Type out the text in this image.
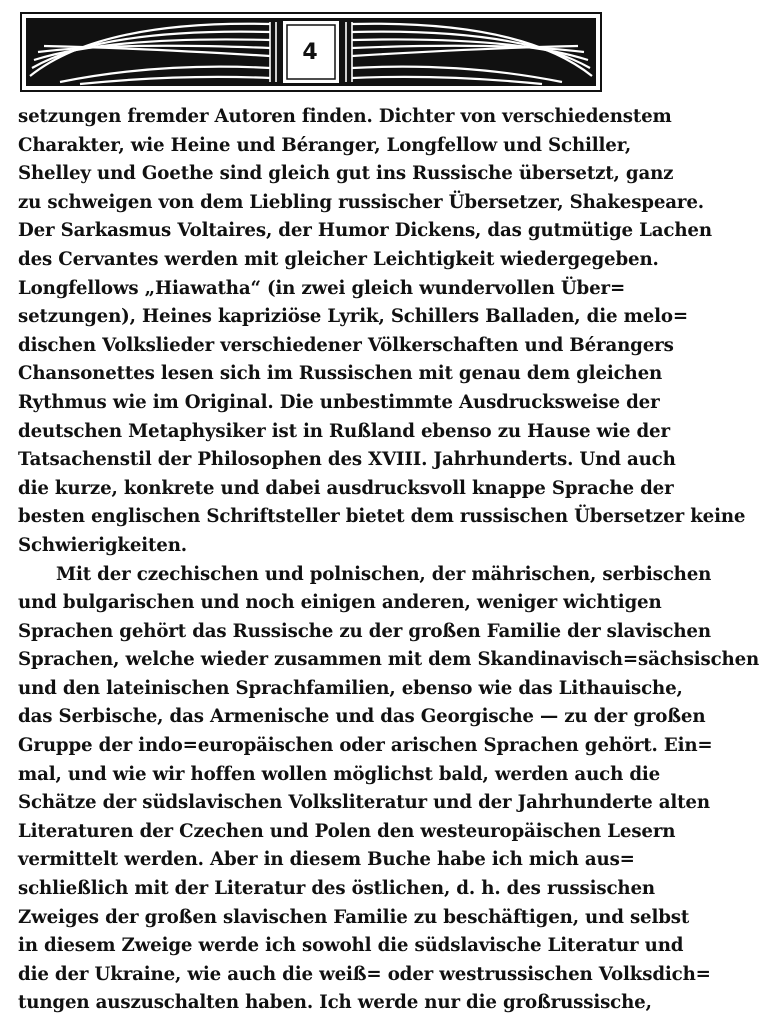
4
setzungen fremder Autoren finden. Dichter von verschiedenstem
Charakter, wie Heine und Béranger, Longfellow und Schiller,
Shelley und Goethe sind gleich gut ins Russische übersetzt, ganz
zu schweigen von dem Liebling russischer Übersetzer, Shakespeare.
Der Sarkasmus Voltaires, der Humor Dickens, das gutmütige Lachen
des Cervantes werden mit gleicher Leichtigkeit wiedergegeben.
Longfellows „Hiawatha“ (in zwei gleich wundervollen Über=
setzungen), Heines kapriziöse Lyrik, Schillers Balladen, die melo=
dischen Volkslieder verschiedener Völkerschaften und Bérangers
Chansonettes lesen sich im Russischen mit genau dem gleichen
Rythmus wie im Original. Die unbestimmte Ausdrucksweise der
deutschen Metaphysiker ist in Rußland ebenso zu Hause wie der
Tatsachenstil der Philosophen des XVIII. Jahrhunderts. Und auch
die kurze, konkrete und dabei ausdrucksvoll knappe Sprache der
besten englischen Schriftsteller bietet dem russischen Übersetzer keine
Schwierigkeiten.
Mit der czechischen und polnischen, der mährischen, serbischen
und bulgarischen und noch einigen anderen, weniger wichtigen
Sprachen gehört das Russische zu der großen Familie der slavischen
Sprachen, welche wieder zusammen mit dem Skandinavisch=sächsischen
und den lateinischen Sprachfamilien, ebenso wie das Lithauische,
das Serbische, das Armenische und das Georgische — zu der großen
Gruppe der indo=europäischen oder arischen Sprachen gehört. Ein=
mal, und wie wir hoffen wollen möglichst bald, werden auch die
Schätze der südslavischen Volksliteratur und der Jahrhunderte alten
Literaturen der Czechen und Polen den westeuropäischen Lesern
vermittelt werden. Aber in diesem Buche habe ich mich aus=
schließlich mit der Literatur des östlichen, d. h. des russischen
Zweiges der großen slavischen Familie zu beschäftigen, und selbst
in diesem Zweige werde ich sowohl die südslavische Literatur und
die der Ukraine, wie auch die weiß= oder westrussischen Volksdich=
tungen auszuschalten haben. Ich werde nur die großrussische,
